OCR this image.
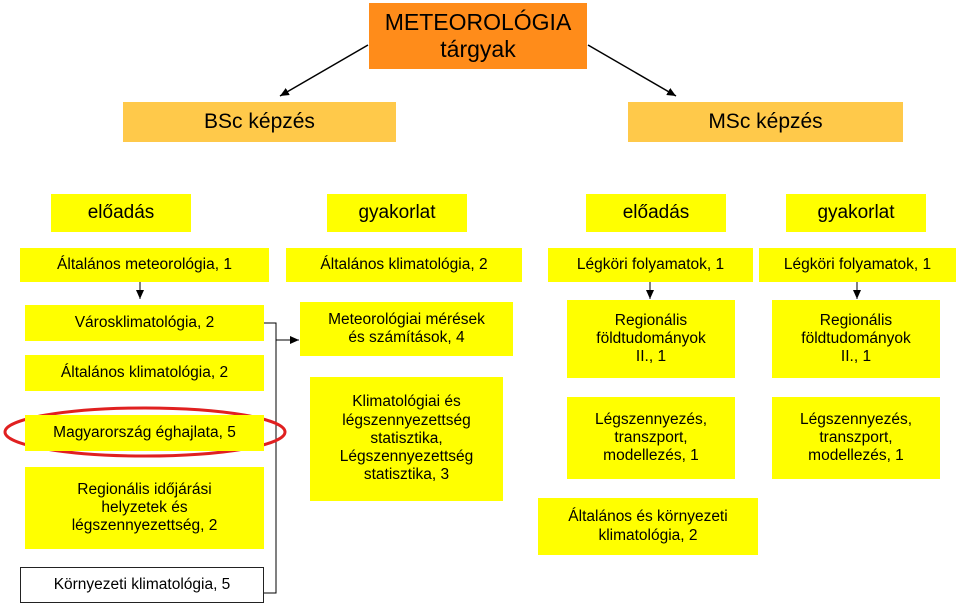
METEOROLÓGIA
tárgyak
BSc képzés	MSc képzés
előadás	gyakorlat	előadás	gyakorlat
Általános meteorológia, 1
Városklimatológia, 2
Általános klimatológia, 2
Magyarország éghajlata, 5
Regionális időjárási
helyzetek és
légszennyezettség, 2
Környezeti klimatológia, 5
Általános klimatológia, 2
Meteorológiai mérések
és számítások, 4
Klimatológiai és
légszennyezettség
statisztika,
Légszennyezettség
statisztika, 3
Légköri folyamatok, 1
Regionális
földtudományok
II., 1
Légszennyezés,
transzport,
modellezés, 1
Általános és környezeti
klimatológia, 2
Légköri folyamatok, 1
Regionális
földtudományok
II., 1
Légszennyezés,
transzport,
modellezés, 1
